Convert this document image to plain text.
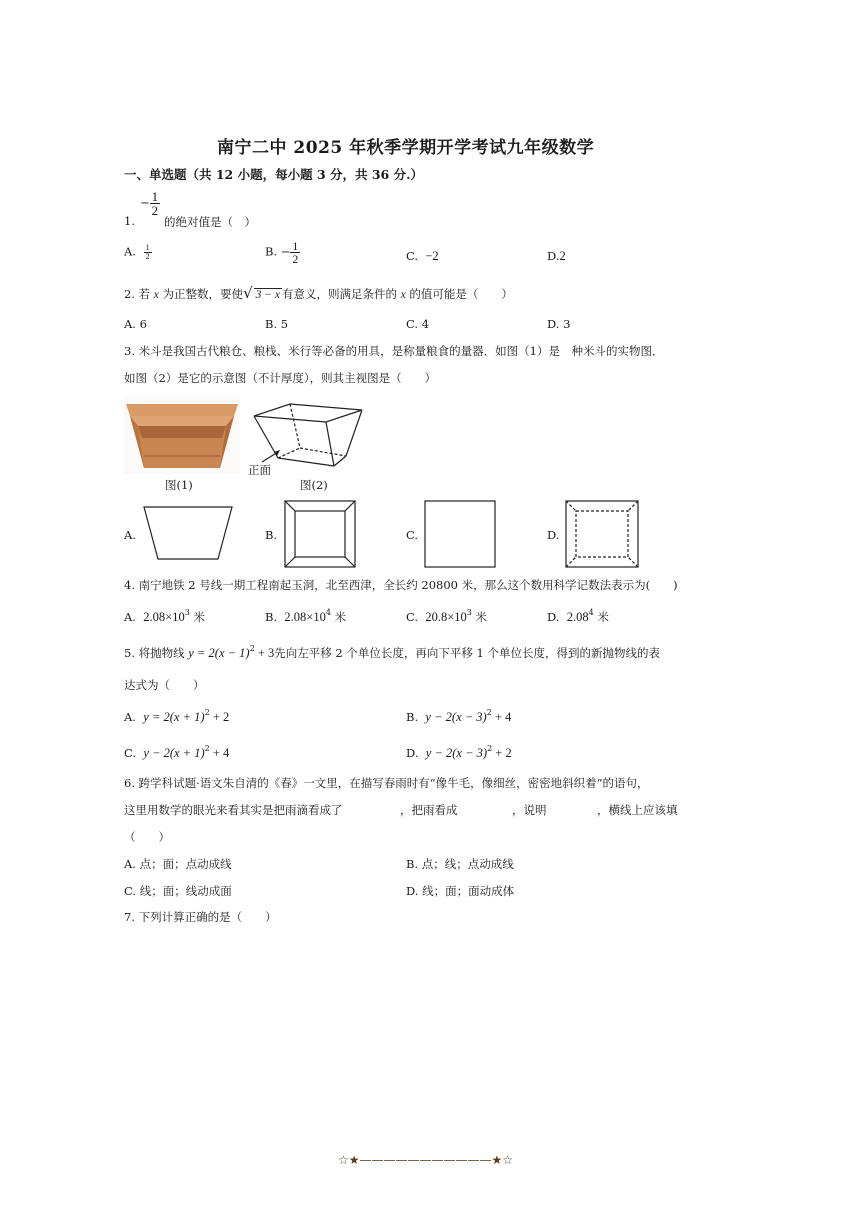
南宁二中 2025 年秋季学期开学考试九年级数学
一、单选题（共 12 小题，每小题 3 分，共 36 分.）
− $\frac{1}{2}$
1.	的绝对值是（　）
A. $\frac{1}{2}$	B. − $\frac{1}{2}$	C. −2	D.2
2. 若 x 为正整数，要使√ 3 − x 有意义，则满足条件的 x 的值可能是（　　）
A. 6	B. 5	C. 4	D. 3
3. 米斗是我国古代粮仓、粮栈、米行等必备的用具，是称量粮食的量器．如图（1）是　种米斗的实物图．
如图（2）是它的示意图（不计厚度），则其主视图是（　　）
图(1)
正面
图(2)
A.	B.	C.	D.
4. 南宁地铁 2 号线一期工程南起玉洞，北至西津，全长约 20800 米，那么这个数用科学记数法表示为(　　)
A. $2.08\times 10^3$ 米	B. $2.08\times 10^4$ 米	C. $20.8\times 10^3$ 米	D. 2.08$^4$ 米
5. 将抛物线 $y = 2(x - 1)^2 + 3$先向左平移 2 个单位长度，再向下平移 1 个单位长度，得到的新抛物线的表
达式为（　　）
A. $y = 2(x + 1)^2 + 2$	B. $y - 2(x - 3)^2 + 4$
C. $y - 2(x + 1)^2 + 4$	D. $y - 2(x - 3)^2 + 2$
6. 跨学科试题·语文朱自清的《春》一文里，在描写春雨时有“像牛毛，像细丝，密密地斜织着”的语句，
这里用数学的眼光来看其实是把雨滴看成了	，把雨看成	，说明	，横线上应该填
（　　）
A. 点；面；点动成线	B. 点；线；点动成线
C. 线；面；线动成面	D. 线；面；面动成体
7. 下列计算正确的是（　　）
☆★———————————★☆
